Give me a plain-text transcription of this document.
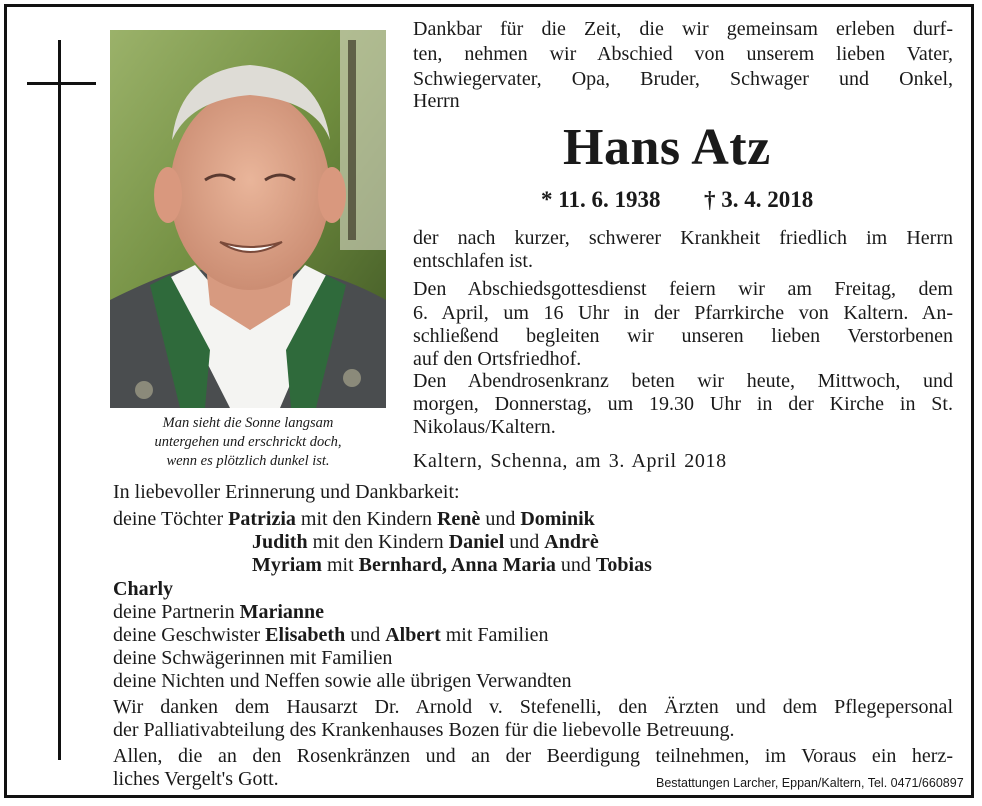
Man sieht die Sonne langsam
untergehen und erschrickt doch,
wenn es plötzlich dunkel ist.
Dankbar für die Zeit, die wir gemeinsam erleben durf-
ten, nehmen wir Abschied von unserem lieben Vater,
Schwiegervater, Opa, Bruder, Schwager und Onkel,
Herrn
Hans Atz
* 11. 6. 1938 † 3. 4. 2018
der nach kurzer, schwerer Krankheit friedlich im Herrn
entschlafen ist.
Den Abschiedsgottesdienst feiern wir am Freitag, dem
6. April, um 16 Uhr in der Pfarrkirche von Kaltern. An-
schließend begleiten wir unseren lieben Verstorbenen
auf den Ortsfriedhof.
Den Abendrosenkranz beten wir heute, Mittwoch, und
morgen, Donnerstag, um 19.30 Uhr in der Kirche in St.
Nikolaus/Kaltern.
Kaltern, Schenna, am 3. April 2018
In liebevoller Erinnerung und Dankbarkeit:
deine Töchter Patrizia mit den Kindern Renè und Dominik
Judith mit den Kindern Daniel und Andrè
Myriam mit Bernhard, Anna Maria und Tobias
Charly
deine Partnerin Marianne
deine Geschwister Elisabeth und Albert mit Familien
deine Schwägerinnen mit Familien
deine Nichten und Neffen sowie alle übrigen Verwandten
Wir danken dem Hausarzt Dr. Arnold v. Stefenelli, den Ärzten und dem Pflegepersonal
der Palliativabteilung des Krankenhauses Bozen für die liebevolle Betreuung.
Allen, die an den Rosenkränzen und an der Beerdigung teilnehmen, im Voraus ein herz-
liches Vergelt's Gott.	Bestattungen Larcher, Eppan/Kaltern, Tel. 0471/660897
